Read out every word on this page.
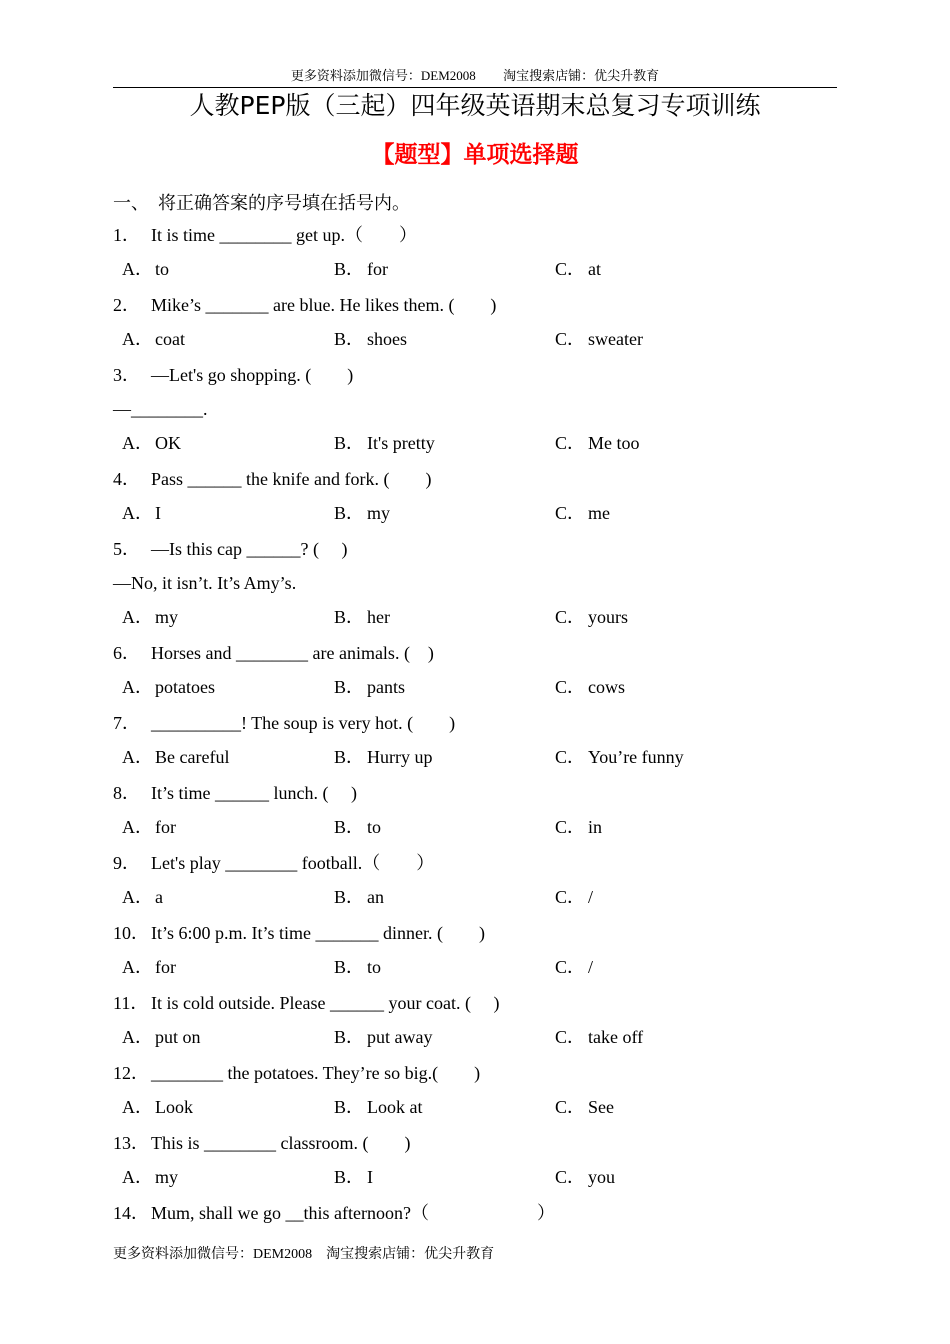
更多资料添加微信号：DEM2008 淘宝搜索店铺：优尖升教育
人教PEP版（三起）四年级英语期末总复习专项训练
【题型】单项选择题
一、  将正确答案的序号填在括号内。
1． It is time ________ get up.（　　）
A． to	B． for	C． at
2． Mike’s _______ are blue. He likes them. (　　)
A． coat	B． shoes	C． sweater
3． —Let's go shopping. (　　)
—________.
A． OK	B． It's pretty	C． Me too
4． Pass ______ the knife and fork. (　　)
A． I	B． my	C． me
5． —Is this cap ______? (　 )
—No, it isn’t. It’s Amy’s.
A． my	B． her	C． yours
6． Horses and ________ are animals. (　)
A． potatoes	B． pants	C． cows
7． __________! The soup is very hot. (　　)
A． Be careful	B． Hurry up	C． You’re funny
8． It’s time ______ lunch. (　 )
A． for	B． to	C． in
9． Let's play ________ football.（　　）
A． a	B． an	C． /
10． It’s 6:00 p.m. It’s time _______ dinner. (　　)
A． for	B． to	C． /
11． It is cold outside. Please ______ your coat. (　 )
A． put on	B． put away	C． take off
12． ________ the potatoes. They’re so big.(　　)
A． Look	B． Look at	C． See
13． This is ________ classroom. (　　)
A． my	B． I	C． you
14． Mum, shall we go __this afternoon?（　　　　　　）
更多资料添加微信号：DEM2008 淘宝搜索店铺：优尖升教育
